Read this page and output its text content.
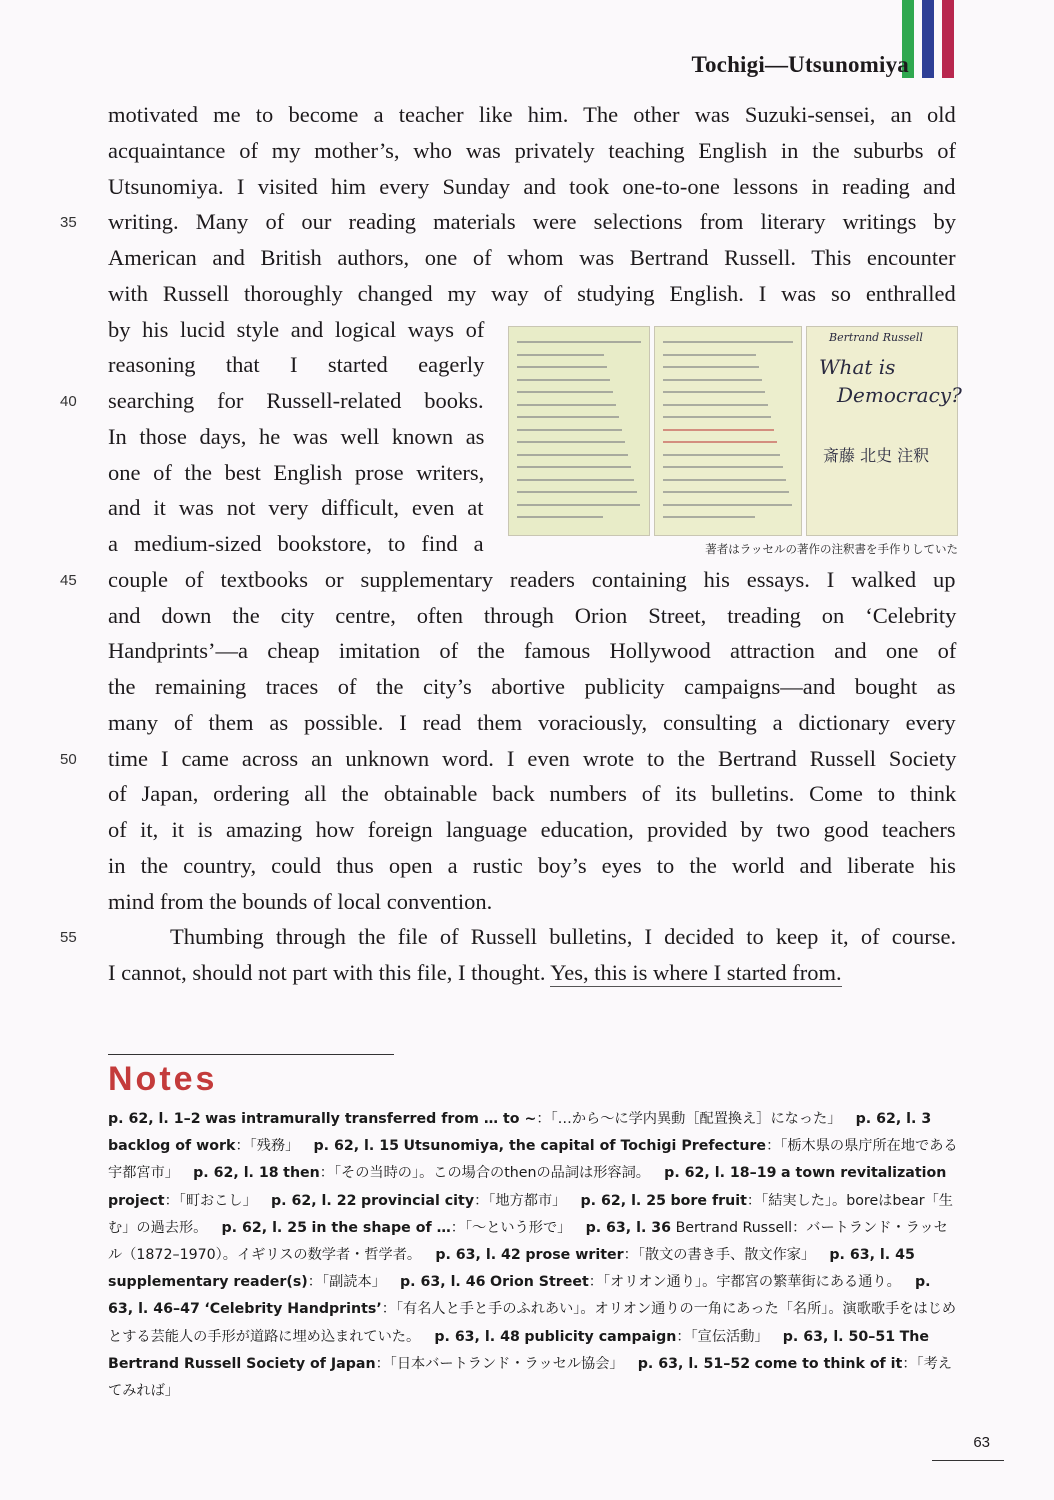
Tochigi—Utsunomiya
motivated me to become a teacher like him. The other was Suzuki-sensei, an old
acquaintance of my mother’s, who was privately teaching English in the suburbs of
Utsunomiya. I visited him every Sunday and took one-to-one lessons in reading and
writing. Many of our reading materials were selections from literary writings by
American and British authors, one of whom was Bertrand Russell. This encounter
with Russell thoroughly changed my way of studying English. I was so enthralled
by his lucid style and logical ways of
reasoning that I started eagerly
searching for Russell-related books.
In those days, he was well known as
one of the best English prose writers,
and it was not very difficult, even at
a medium-sized bookstore, to find a
couple of textbooks or supplementary readers containing his essays. I walked up
and down the city centre, often through Orion Street, treading on ‘Celebrity
Handprints’—a cheap imitation of the famous Hollywood attraction and one of
the remaining traces of the city’s abortive publicity campaigns—and bought as
many of them as possible. I read them voraciously, consulting a dictionary every
time I came across an unknown word. I even wrote to the Bertrand Russell Society
of Japan, ordering all the obtainable back numbers of its bulletins. Come to think
of it, it is amazing how foreign language education, provided by two good teachers
in the country, could thus open a rustic boy’s eyes to the world and liberate his
mind from the bounds of local convention.
Thumbing through the file of Russell bulletins, I decided to keep it, of course.
I cannot, should not part with this file, I thought. Yes, this is where I started from.
35
40
45
50
55
Bertrand Russell
What is
Democracy?
斎藤 北史 注釈
著者はラッセルの著作の注釈書を手作りしていた
Notes
p. 62, l. 1–2 was intramurally transferred from … to ~：「…から〜に学内異動［配置換え］になった」  p. 62, l. 3 backlog of work：「残務」  p. 62, l. 15 Utsunomiya, the capital of Tochigi Prefecture：「栃木県の県庁所在地である宇都宮市」  p. 62, l. 18 then：「その当時の」。この場合のthenの品詞は形容詞。  p. 62, l. 18–19 a town revitalization project：「町おこし」  p. 62, l. 22 provincial city：「地方都市」  p. 62, l. 25 bore fruit：「結実した」。boreはbear「生む」の過去形。  p. 62, l. 25 in the shape of …：「〜という形で」  p. 63, l. 36 Bertrand Russell：バートランド・ラッセル（1872–1970）。イギリスの数学者・哲学者。  p. 63, l. 42 prose writer：「散文の書き手、散文作家」  p. 63, l. 45 supplementary reader(s)：「副読本」  p. 63, l. 46 Orion Street：「オリオン通り」。宇都宮の繁華街にある通り。  p. 63, l. 46–47 ‘Celebrity Handprints’：「有名人と手と手のふれあい」。オリオン通りの一角にあった「名所」。演歌歌手をはじめとする芸能人の手形が道路に埋め込まれていた。  p. 63, l. 48 publicity campaign：「宣伝活動」  p. 63, l. 50–51 The Bertrand Russell Society of Japan：「日本バートランド・ラッセル協会」  p. 63, l. 51–52 come to think of it：「考えてみれば」 
63
